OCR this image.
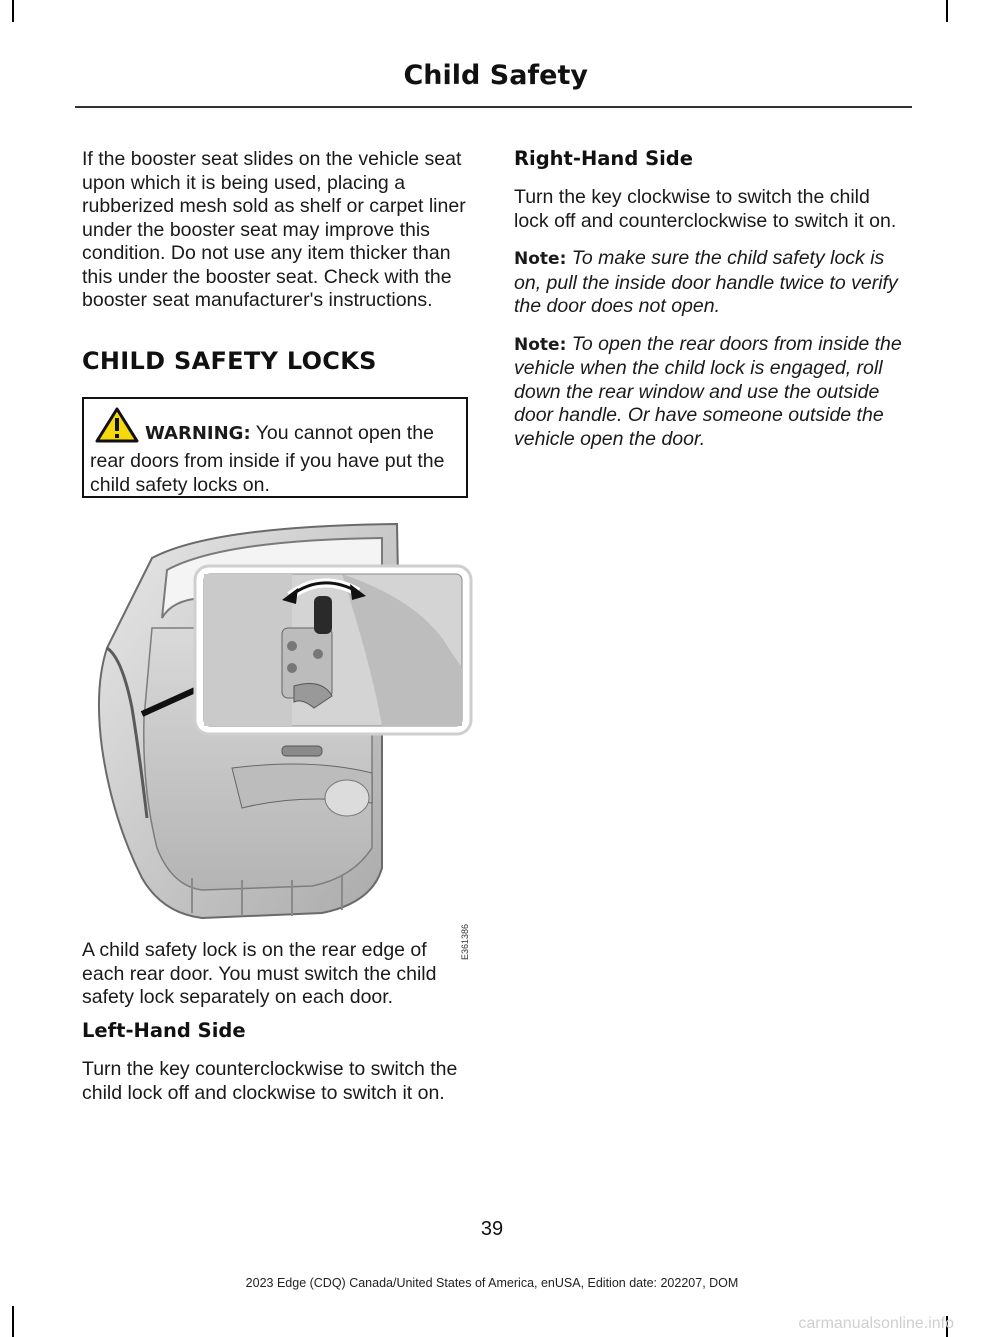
Child Safety
If the booster seat slides on the vehicle seat upon which it is being used, placing a rubberized mesh sold as shelf or carpet liner under the booster seat may improve this condition. Do not use any item thicker than this under the booster seat. Check with the booster seat manufacturer's instructions.
CHILD SAFETY LOCKS
WARNING: You cannot open the rear doors from inside if you have put the child safety locks on.
E361386
A child safety lock is on the rear edge of each rear door. You must switch the child safety lock separately on each door.
Left-Hand Side
Turn the key counterclockwise to switch the child lock off and clockwise to switch it on.
Right-Hand Side

Turn the key clockwise to switch the child lock off and counterclockwise to switch it on.

Note: To make sure the child safety lock is on, pull the inside door handle twice to verify the door does not open.

Note: To open the rear doors from inside the vehicle when the child lock is engaged, roll down the rear window and use the outside door handle. Or have someone outside the vehicle open the door.

39
2023 Edge (CDQ) Canada/United States of America, enUSA, Edition date: 202207, DOM
carmanualsonline.info
